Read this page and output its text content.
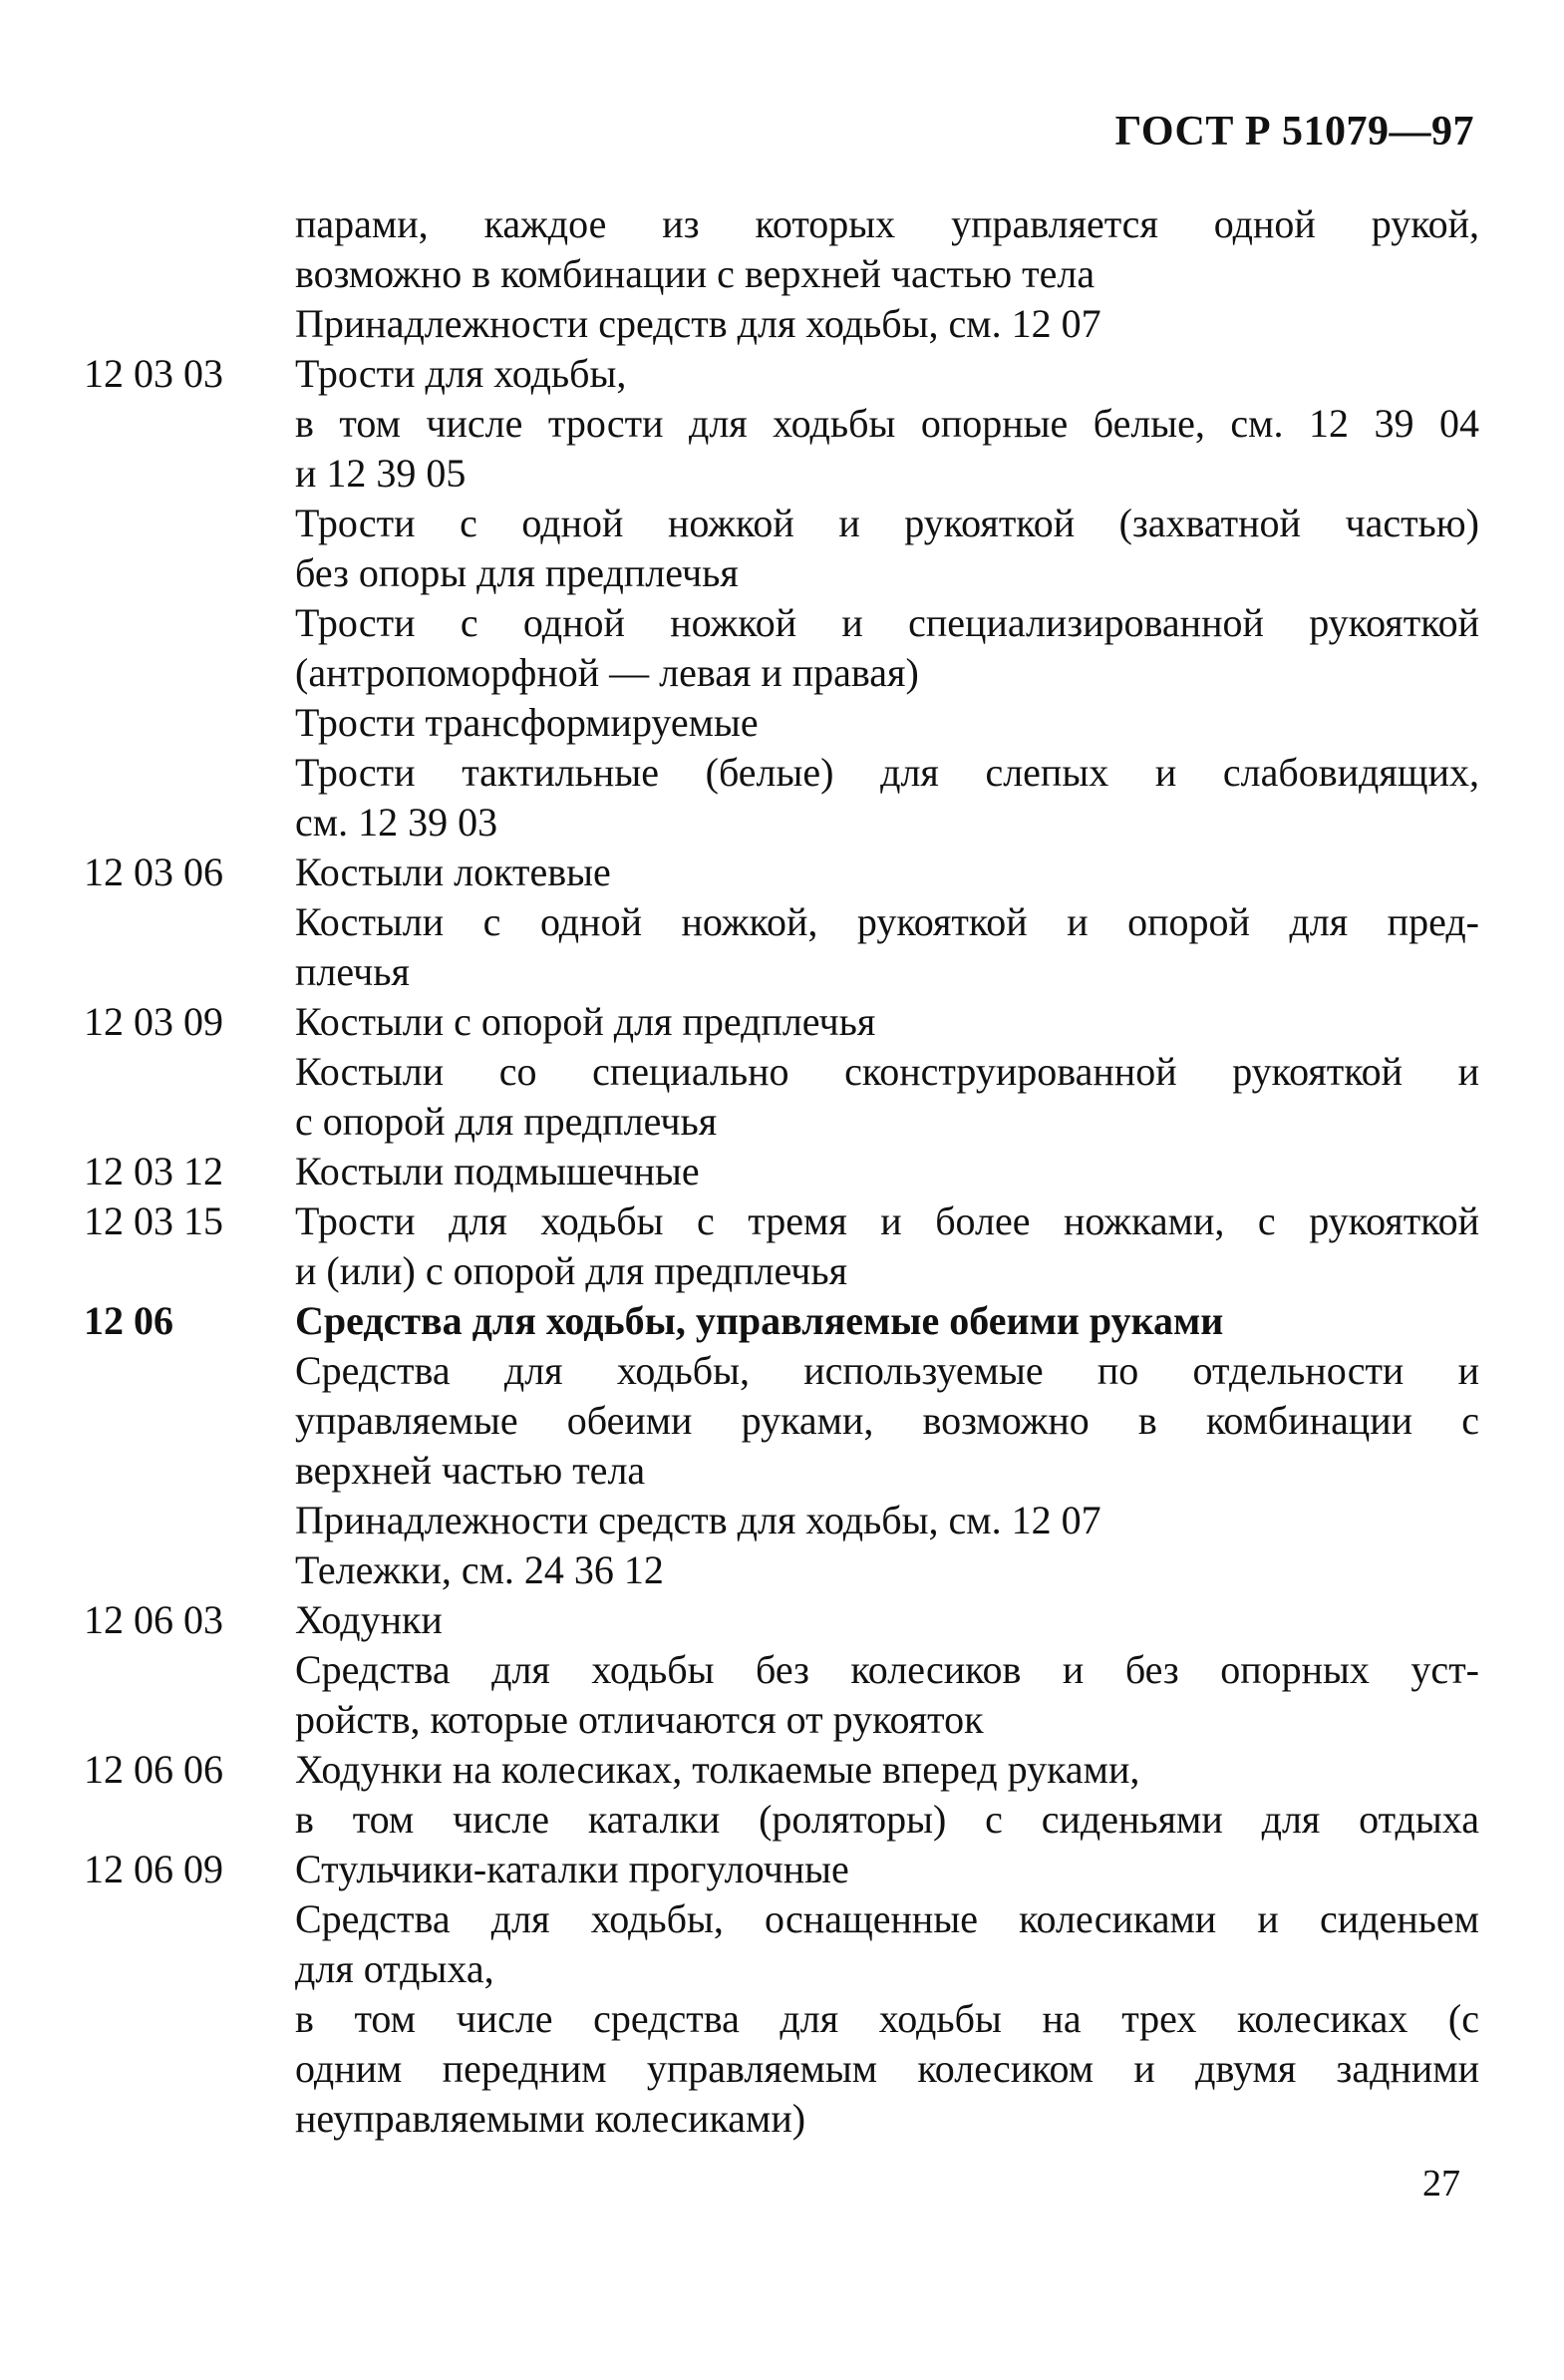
ГОСТ Р 51079—97
парами, каждое из которых управляется одной рукой,
возможно в комбинации с верхней частью тела
Принадлежности средств для ходьбы, см. 12 07
12 03 03	Трости для ходьбы,
в том числе трости для ходьбы опорные белые, см. 12 39 04
и 12 39 05
Трости с одной ножкой и рукояткой (захватной частью)
без опоры для предплечья
Трости с одной ножкой и специализированной рукояткой
(антропоморфной — левая и правая)
Трости трансформируемые
Трости тактильные (белые) для слепых и слабовидящих,
см. 12 39 03
12 03 06	Костыли локтевые
Костыли с одной ножкой, рукояткой и опорой для пред-
плечья
12 03 09	Костыли с опорой для предплечья
Костыли со специально сконструированной рукояткой и
с опорой для предплечья
12 03 12	Костыли подмышечные
12 03 15	Трости для ходьбы с тремя и более ножками, с рукояткой
и (или) с опорой для предплечья
12 06	Средства для ходьбы, управляемые обеими руками
Средства для ходьбы, используемые по отдельности и
управляемые обеими руками, возможно в комбинации с
верхней частью тела
Принадлежности средств для ходьбы, см. 12 07
Тележки, см. 24 36 12
12 06 03	Ходунки
Средства для ходьбы без колесиков и без опорных уст-
ройств, которые отличаются от рукояток
12 06 06	Ходунки на колесиках, толкаемые вперед руками,
в том числе каталки (роляторы) с сиденьями для отдыха
12 06 09	Стульчики-каталки прогулочные
Средства для ходьбы, оснащенные колесиками и сиденьем
для отдыха,
в том числе средства для ходьбы на трех колесиках (с
одним передним управляемым колесиком и двумя задними
неуправляемыми колесиками)
27
